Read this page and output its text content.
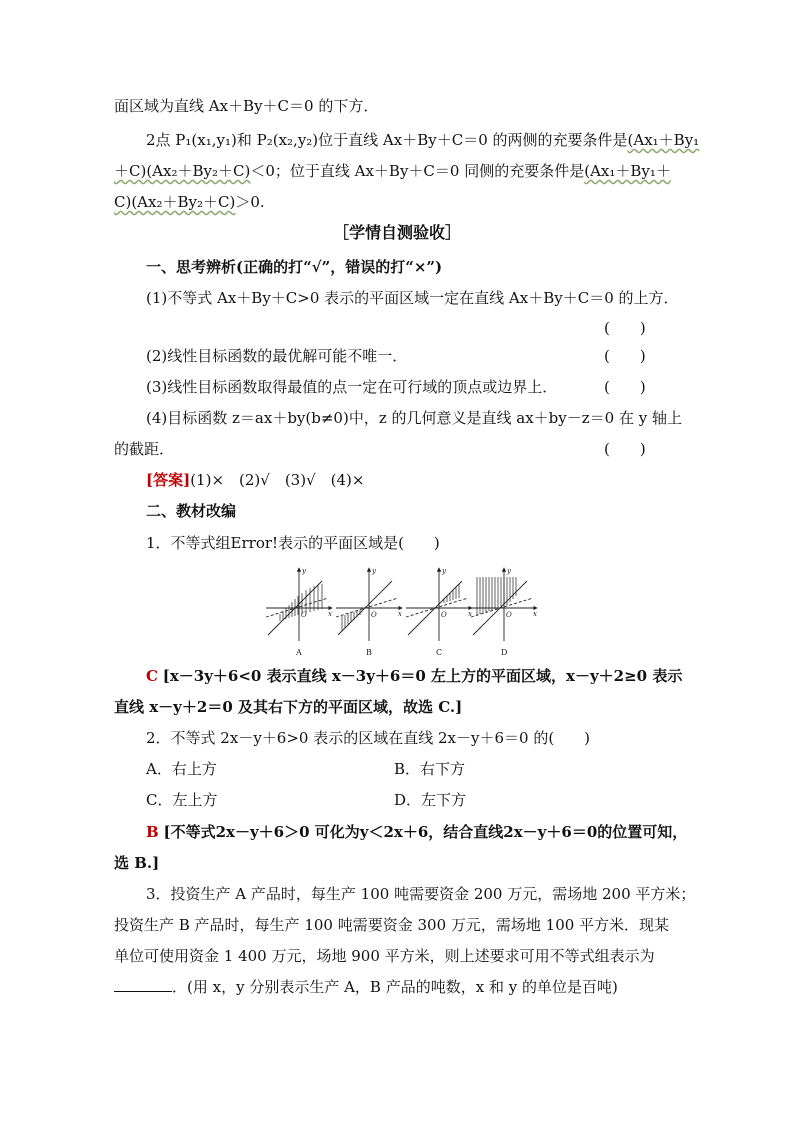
面区域为直线 Ax＋By＋C＝0 的下方．
2点 P₁(x₁,y₁)和 P₂(x₂,y₂)位于直线 Ax＋By＋C＝0 的两侧的充要条件是(Ax₁＋By₁
＋C)(Ax₂＋By₂＋C)＜0；位于直线 Ax＋By＋C＝0 同侧的充要条件是(Ax₁＋By₁＋
C)(Ax₂＋By₂＋C)＞0.
［学情自测验收］
一、思考辨析(正确的打“√”，错误的打“×”)
(1)不等式 Ax＋By＋C>0 表示的平面区域一定在直线 Ax＋By＋C＝0 的上方．
(　　)
(2)线性目标函数的最优解可能不唯一．	(　　)
(3)线性目标函数取得最值的点一定在可行域的顶点或边界上．	(　　)
(4)目标函数 z＝ax＋by(b≠0)中，z 的几何意义是直线 ax＋by－z＝0 在 y 轴上
的截距．	(　　)
[答案](1)×　(2)√　(3)√　(4)×
二、教材改编
1．不等式组Error!表示的平面区域是(　　)
O
y
x
A
O
y
x
B
O
y
x
C
O
y
x
D
C [x－3y＋6<0 表示直线 x－3y＋6＝0 左上方的平面区域，x－y＋2≥0 表示
直线 x－y＋2＝0 及其右下方的平面区域，故选 C.]
2．不等式 2x－y＋6>0 表示的区域在直线 2x－y＋6＝0 的(　　)
A．右上方	B．右下方
C．左上方	D．左下方
B [不等式2x－y＋6＞0 可化为y＜2x＋6，结合直线2x－y＋6＝0的位置可知，
选 B.]
3．投资生产 A 产品时，每生产 100 吨需要资金 200 万元，需场地 200 平方米；
投资生产 B 产品时，每生产 100 吨需要资金 300 万元，需场地 100 平方米．现某
单位可使用资金 1 400 万元，场地 900 平方米，则上述要求可用不等式组表示为
．(用 x，y 分别表示生产 A，B 产品的吨数，x 和 y 的单位是百吨)
